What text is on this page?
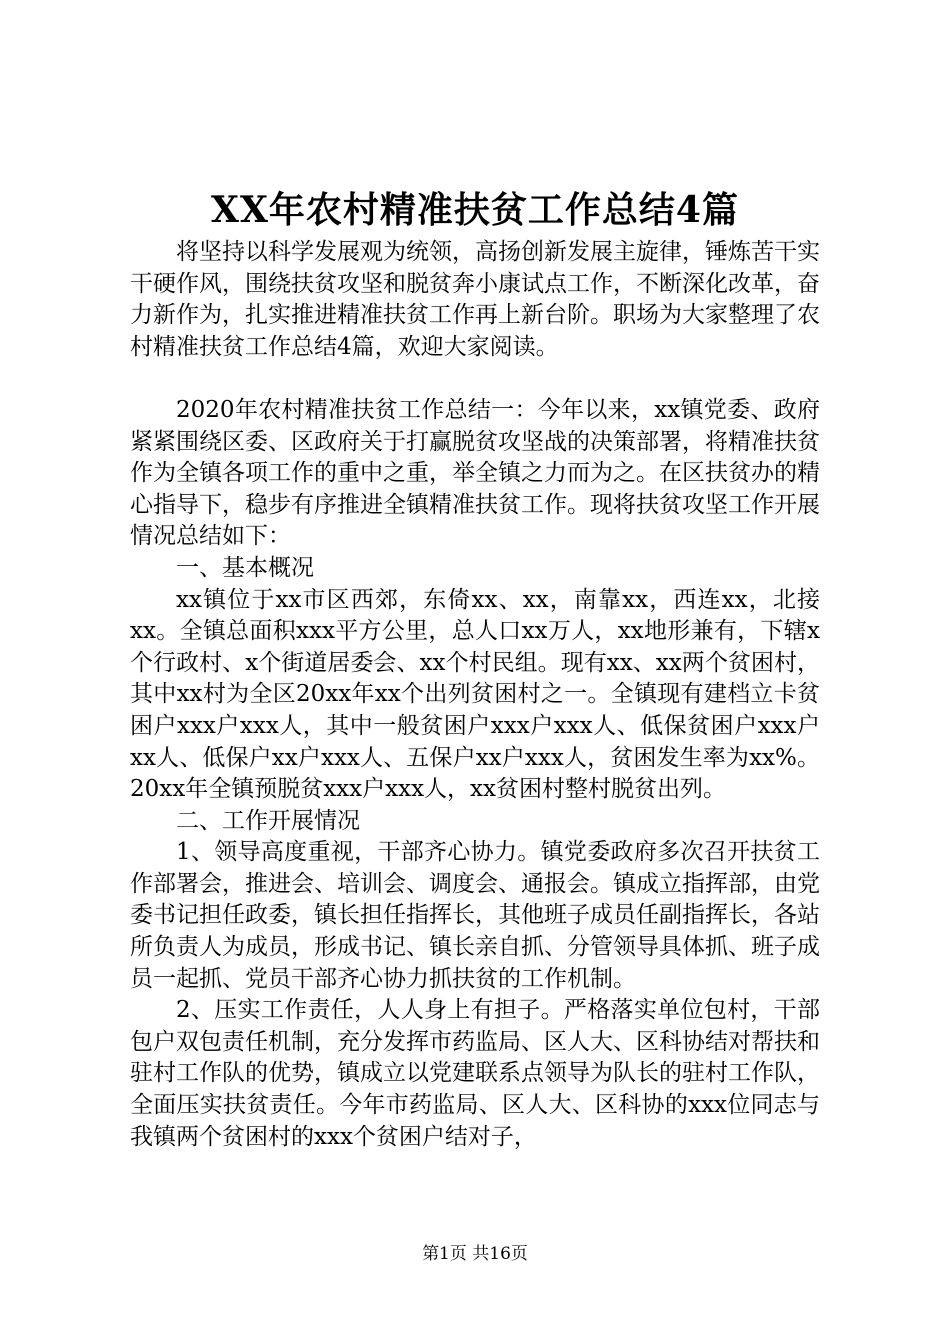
XX年农村精准扶贫工作总结4篇

将坚持以科学发展观为统领，高扬创新发展主旋律，锤炼苦干实干硬作风，围绕扶贫攻坚和脱贫奔小康试点工作，不断深化改革，奋力新作为，扎实推进精准扶贫工作再上新台阶。职场为大家整理了农村精准扶贫工作总结4篇，欢迎大家阅读。

2020年农村精准扶贫工作总结一：今年以来，xx镇党委、政府紧紧围绕区委、区政府关于打赢脱贫攻坚战的决策部署，将精准扶贫作为全镇各项工作的重中之重，举全镇之力而为之。在区扶贫办的精心指导下，稳步有序推进全镇精准扶贫工作。现将扶贫攻坚工作开展情况总结如下：

一、基本概况

xx镇位于xx市区西郊，东倚xx、xx，南靠xx，西连xx，北接xx。全镇总面积xxx平方公里，总人口xx万人，xx地形兼有，下辖x个行政村、x个街道居委会、xx个村民组。现有xx、xx两个贫困村，其中xx村为全区20xx年xx个出列贫困村之一。全镇现有建档立卡贫困户xxx户xxx人，其中一般贫困户xxx户xxx人、低保贫困户xxx户xx人、低保户xx户xxx人、五保户xx户xxx人，贫困发生率为xx%。20xx年全镇预脱贫xxx户xxx人，xx贫困村整村脱贫出列。

二、工作开展情况

1、领导高度重视，干部齐心协力。镇党委政府多次召开扶贫工作部署会，推进会、培训会、调度会、通报会。镇成立指挥部，由党委书记担任政委，镇长担任指挥长，其他班子成员任副指挥长，各站所负责人为成员，形成书记、镇长亲自抓、分管领导具体抓、班子成员一起抓、党员干部齐心协力抓扶贫的工作机制。

2、压实工作责任，人人身上有担子。严格落实单位包村，干部包户双包责任机制，充分发挥市药监局、区人大、区科协结对帮扶和驻村工作队的优势，镇成立以党建联系点领导为队长的驻村工作队，全面压实扶贫责任。今年市药监局、区人大、区科协的xxx位同志与我镇两个贫困村的xxx个贫困户结对子，

第1页 共16页
